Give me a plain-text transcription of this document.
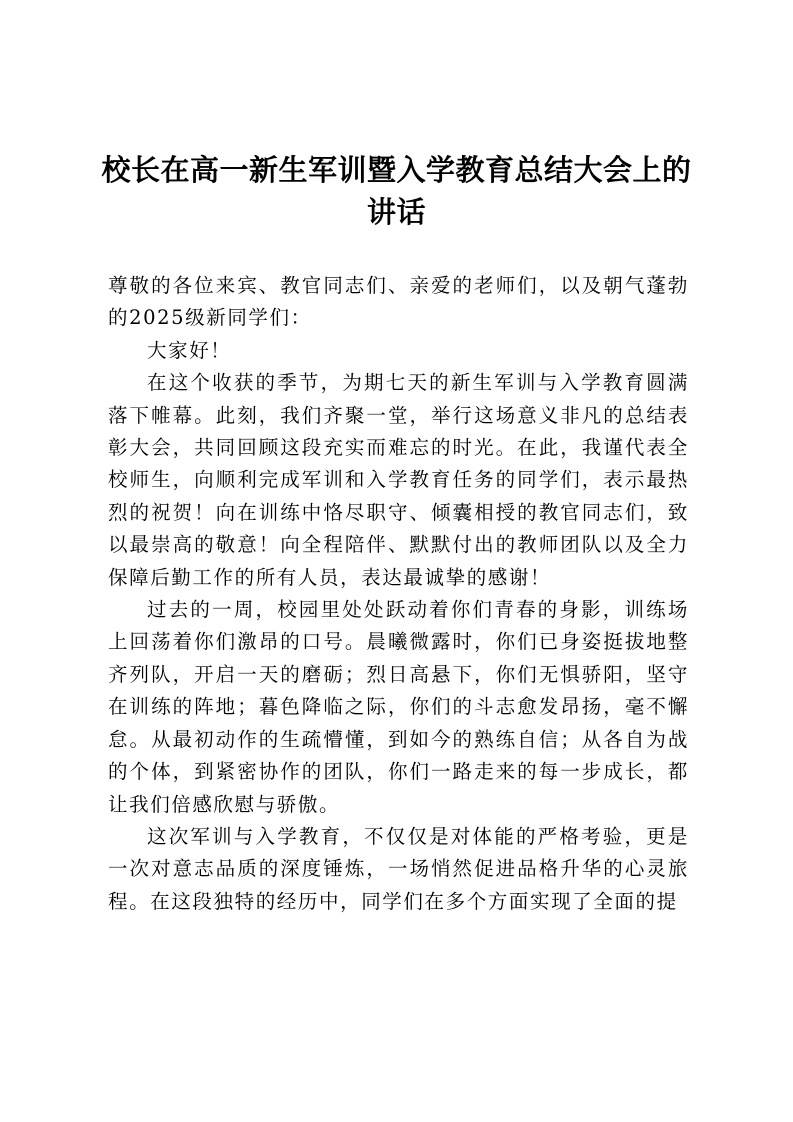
校长在高一新生军训暨入学教育总结大会上的讲话

尊敬的各位来宾、教官同志们、亲爱的老师们，以及朝气蓬勃的2025级新同学们：

大家好！

在这个收获的季节，为期七天的新生军训与入学教育圆满落下帷幕。此刻，我们齐聚一堂，举行这场意义非凡的总结表彰大会，共同回顾这段充实而难忘的时光。在此，我谨代表全校师生，向顺利完成军训和入学教育任务的同学们，表示最热烈的祝贺！向在训练中恪尽职守、倾囊相授的教官同志们，致以最崇高的敬意！向全程陪伴、默默付出的教师团队以及全力保障后勤工作的所有人员，表达最诚挚的感谢！

过去的一周，校园里处处跃动着你们青春的身影，训练场上回荡着你们激昂的口号。晨曦微露时，你们已身姿挺拔地整齐列队，开启一天的磨砺；烈日高悬下，你们无惧骄阳，坚守在训练的阵地；暮色降临之际，你们的斗志愈发昂扬，毫不懈怠。从最初动作的生疏懵懂，到如今的熟练自信；从各自为战的个体，到紧密协作的团队，你们一路走来的每一步成长，都让我们倍感欣慰与骄傲。

这次军训与入学教育，不仅仅是对体能的严格考验，更是一次对意志品质的深度锤炼，一场悄然促进品格升华的心灵旅程。在这段独特的经历中，同学们在多个方面实现了全面的提
